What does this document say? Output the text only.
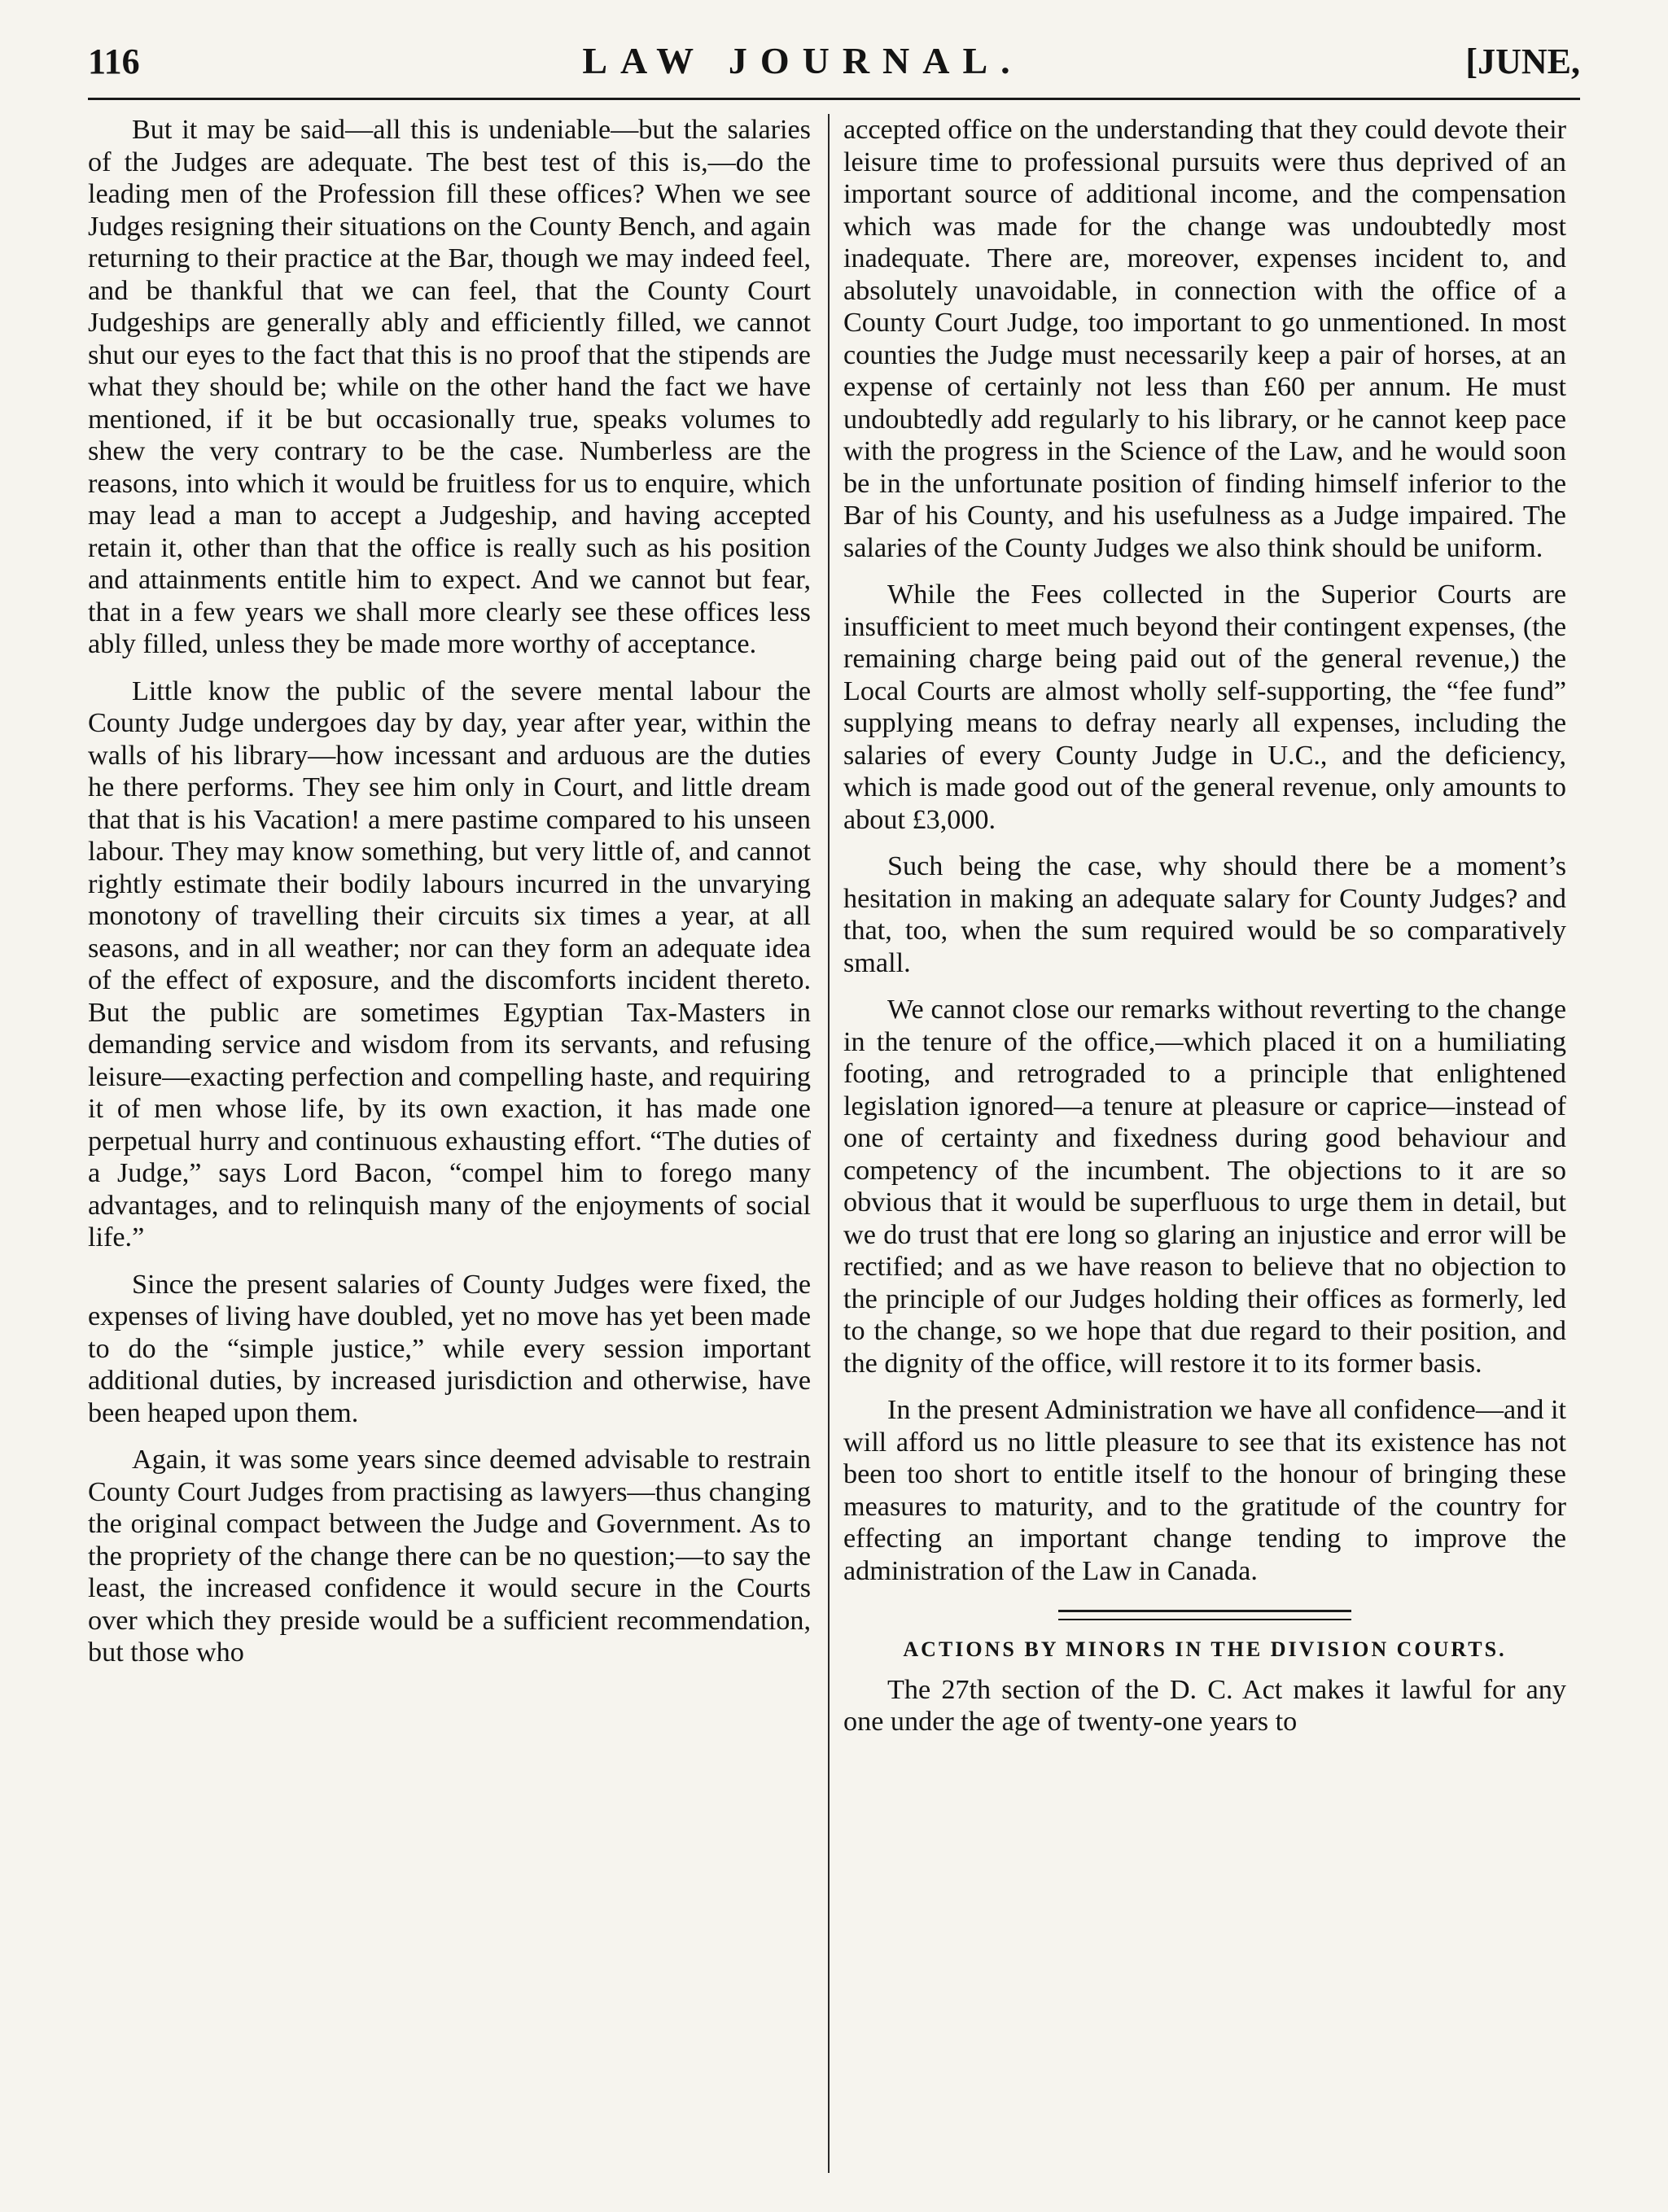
116	LAW JOURNAL.	[JUNE,

But it may be said—all this is undeniable—but the salaries of the Judges are adequate. The best test of this is,—do the leading men of the Profession fill these offices? When we see Judges resigning their situations on the County Bench, and again returning to their practice at the Bar, though we may indeed feel, and be thankful that we can feel, that the County Court Judgeships are generally ably and efficiently filled, we cannot shut our eyes to the fact that this is no proof that the stipends are what they should be; while on the other hand the fact we have mentioned, if it be but occasionally true, speaks volumes to shew the very contrary to be the case. Numberless are the reasons, into which it would be fruitless for us to enquire, which may lead a man to accept a Judgeship, and having accepted retain it, other than that the office is really such as his position and attainments entitle him to expect. And we cannot but fear, that in a few years we shall more clearly see these offices less ably filled, unless they be made more worthy of acceptance.

Little know the public of the severe mental labour the County Judge undergoes day by day, year after year, within the walls of his library—how incessant and arduous are the duties he there performs. They see him only in Court, and little dream that that is his Vacation! a mere pastime compared to his unseen labour. They may know something, but very little of, and cannot rightly estimate their bodily labours incurred in the unvarying monotony of travelling their circuits six times a year, at all seasons, and in all weather; nor can they form an adequate idea of the effect of exposure, and the discomforts incident thereto. But the public are sometimes Egyptian Tax-Masters in demanding service and wisdom from its servants, and refusing leisure—exacting perfection and compelling haste, and requiring it of men whose life, by its own exaction, it has made one perpetual hurry and continuous exhausting effort. “The duties of a Judge,” says Lord Bacon, “compel him to forego many advantages, and to relinquish many of the enjoyments of social life.”

Since the present salaries of County Judges were fixed, the expenses of living have doubled, yet no move has yet been made to do the “simple justice,” while every session important additional duties, by increased jurisdiction and otherwise, have been heaped upon them.

Again, it was some years since deemed advisable to restrain County Court Judges from practising as lawyers—thus changing the original compact between the Judge and Government. As to the propriety of the change there can be no question;—to say the least, the increased confidence it would secure in the Courts over which they preside would be a sufficient recommendation, but those who

accepted office on the understanding that they could devote their leisure time to professional pursuits were thus deprived of an important source of additional income, and the compensation which was made for the change was undoubtedly most inadequate. There are, moreover, expenses incident to, and absolutely unavoidable, in connection with the office of a County Court Judge, too important to go unmentioned. In most counties the Judge must necessarily keep a pair of horses, at an expense of certainly not less than £60 per annum. He must undoubtedly add regularly to his library, or he cannot keep pace with the progress in the Science of the Law, and he would soon be in the unfortunate position of finding himself inferior to the Bar of his County, and his usefulness as a Judge impaired. The salaries of the County Judges we also think should be uniform.

While the Fees collected in the Superior Courts are insufficient to meet much beyond their contingent expenses, (the remaining charge being paid out of the general revenue,) the Local Courts are almost wholly self-supporting, the “fee fund” supplying means to defray nearly all expenses, including the salaries of every County Judge in U.C., and the deficiency, which is made good out of the general revenue, only amounts to about £3,000.

Such being the case, why should there be a moment’s hesitation in making an adequate salary for County Judges? and that, too, when the sum required would be so comparatively small.

We cannot close our remarks without reverting to the change in the tenure of the office,—which placed it on a humiliating footing, and retrograded to a principle that enlightened legislation ignored—a tenure at pleasure or caprice—instead of one of certainty and fixedness during good behaviour and competency of the incumbent. The objections to it are so obvious that it would be superfluous to urge them in detail, but we do trust that ere long so glaring an injustice and error will be rectified; and as we have reason to believe that no objection to the principle of our Judges holding their offices as formerly, led to the change, so we hope that due regard to their position, and the dignity of the office, will restore it to its former basis.

In the present Administration we have all confidence—and it will afford us no little pleasure to see that its existence has not been too short to entitle itself to the honour of bringing these measures to maturity, and to the gratitude of the country for effecting an important change tending to improve the administration of the Law in Canada.

ACTIONS BY MINORS IN THE DIVISION COURTS.

The 27th section of the D. C. Act makes it lawful for any one under the age of twenty-one years to
